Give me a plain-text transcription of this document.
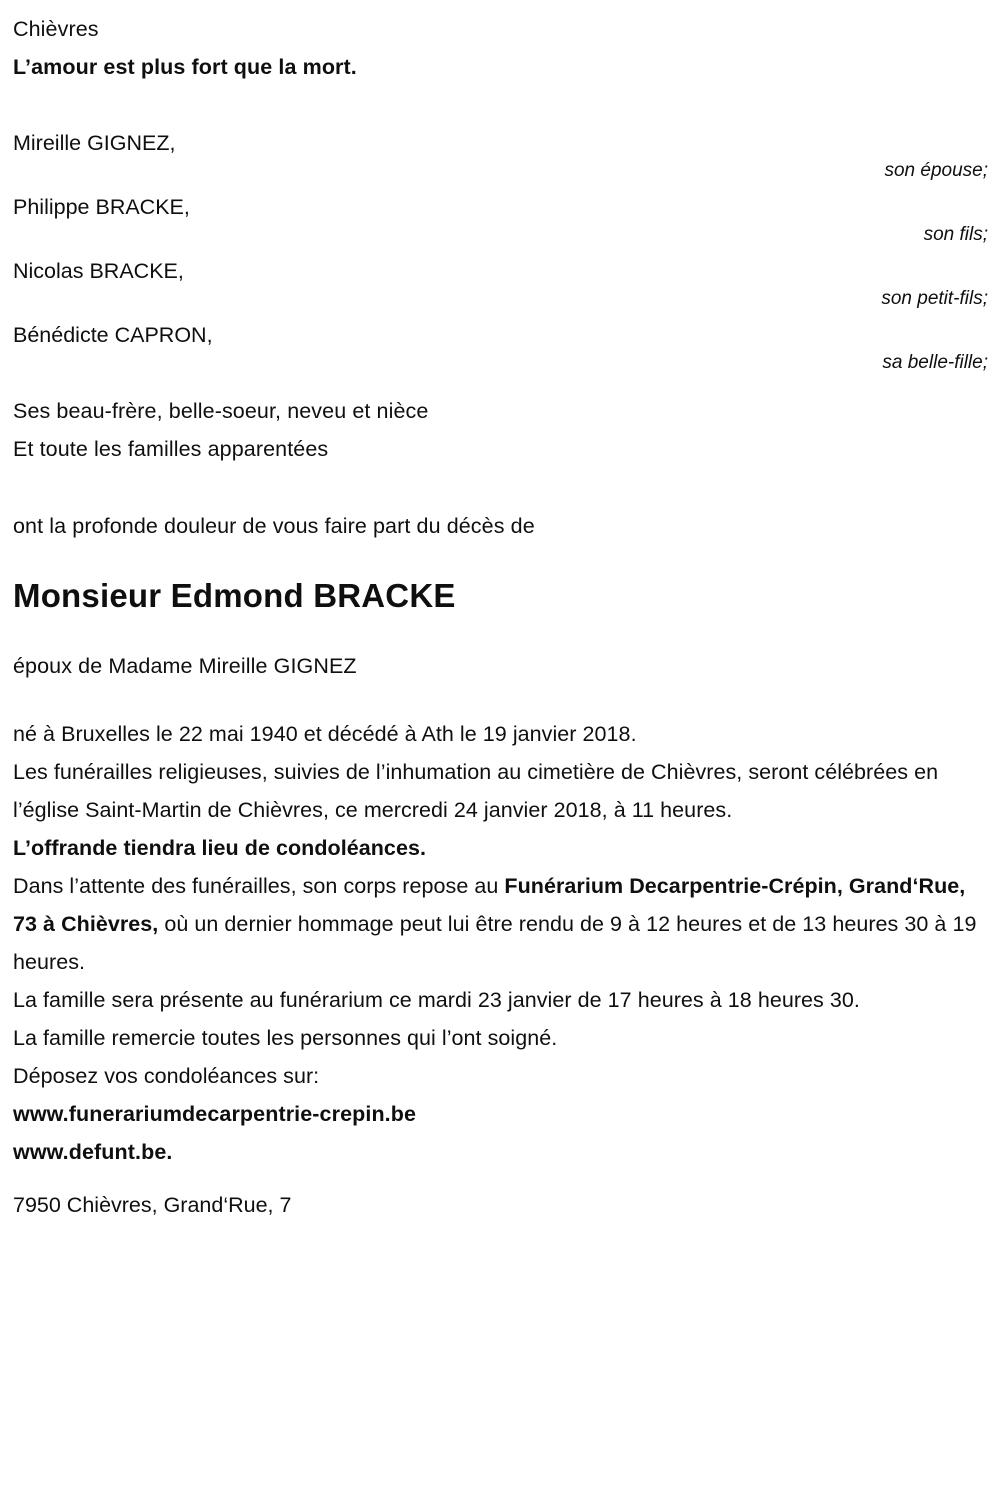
Chièvres
L’amour est plus fort que la mort.
Mireille GIGNEZ,
son épouse;
Philippe BRACKE,
son fils;
Nicolas BRACKE,
son petit-fils;
Bénédicte CAPRON,
sa belle-fille;
Ses beau-frère, belle-soeur, neveu et nièce
Et toute les familles apparentées
ont la profonde douleur de vous faire part du décès de
Monsieur Edmond BRACKE
époux de Madame Mireille GIGNEZ
né à Bruxelles le 22 mai 1940 et décédé à Ath le 19 janvier 2018.
Les funérailles religieuses, suivies de l’inhumation au cimetière de Chièvres, seront célébrées en l’église Saint-Martin de Chièvres, ce mercredi 24 janvier 2018, à 11 heures.
L’offrande tiendra lieu de condoléances.
Dans l’attente des funérailles, son corps repose au Funérarium Decarpentrie-Crépin, Grand‘Rue, 73 à Chièvres, où un dernier hommage peut lui être rendu de 9 à 12 heures et de 13 heures 30 à 19 heures.
La famille sera présente au funérarium ce mardi 23 janvier de 17 heures à 18 heures 30.
La famille remercie toutes les personnes qui l’ont soigné.
Déposez vos condoléances sur:
www.funerariumdecarpentrie-crepin.be
www.defunt.be.
7950 Chièvres, Grand‘Rue, 7
